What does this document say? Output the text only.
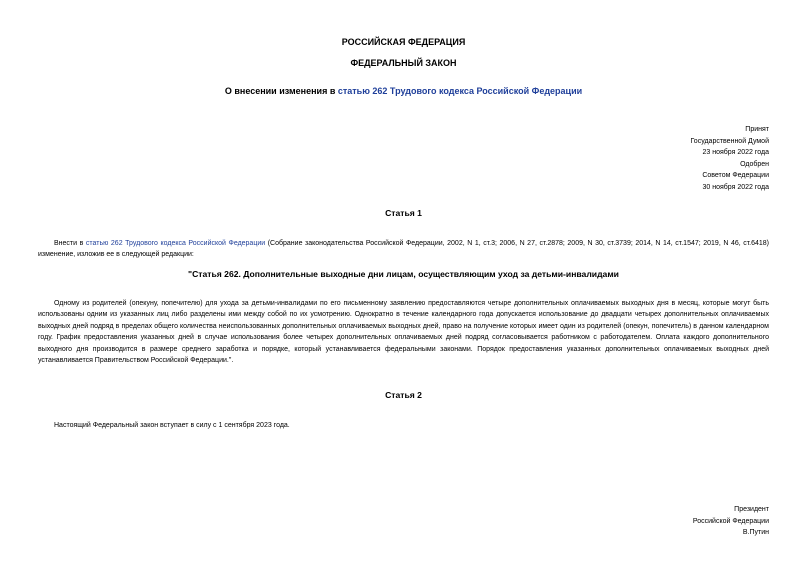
РОССИЙСКАЯ ФЕДЕРАЦИЯ
ФЕДЕРАЛЬНЫЙ ЗАКОН
О внесении изменения в статью 262 Трудового кодекса Российской Федерации
Принят
Государственной Думой
23 ноября 2022 года
Одобрен
Советом Федерации
30 ноября 2022 года
Статья 1
Внести в статью 262 Трудового кодекса Российской Федерации (Собрание законодательства Российской Федерации, 2002, N 1, ст.3; 2006, N 27, ст.2878; 2009, N 30, ст.3739; 2014, N 14, ст.1547; 2019, N 46, ст.6418) изменение, изложив ее в следующей редакции:
"Статья 262. Дополнительные выходные дни лицам, осуществляющим уход за детьми-инвалидами
Одному из родителей (опекуну, попечителю) для ухода за детьми-инвалидами по его письменному заявлению предоставляются четыре дополнительных оплачиваемых выходных дня в месяц, которые могут быть использованы одним из указанных лиц либо разделены ими между собой по их усмотрению. Однократно в течение календарного года допускается использование до двадцати четырех дополнительных оплачиваемых выходных дней подряд в пределах общего количества неиспользованных дополнительных оплачиваемых выходных дней, право на получение которых имеет один из родителей (опекун, попечитель) в данном календарном году. График предоставления указанных дней в случае использования более четырех дополнительных оплачиваемых дней подряд согласовывается работником с работодателем. Оплата каждого дополнительного выходного дня производится в размере среднего заработка и порядке, который устанавливается федеральными законами. Порядок предоставления указанных дополнительных оплачиваемых выходных дней устанавливается Правительством Российской Федерации.".
Статья 2
Настоящий Федеральный закон вступает в силу с 1 сентября 2023 года.
Президент
Российской Федерации
В.Путин
